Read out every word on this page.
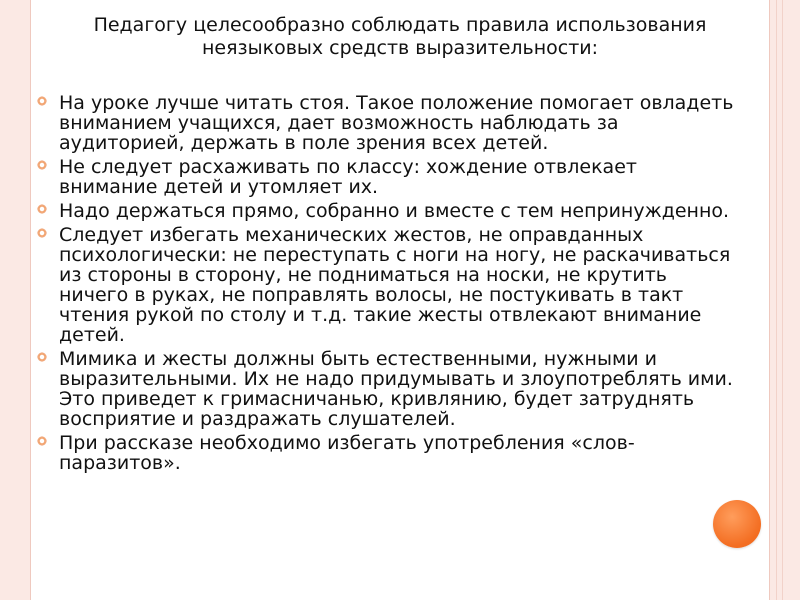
Педагогу целесообразно соблюдать правила использования
неязыковых средств выразительности:
На уроке лучше читать стоя. Такое положение помогает овладеть вниманием учащихся, дает возможность наблюдать за аудиторией, держать в поле зрения всех детей.
Не следует расхаживать по классу: хождение отвлекает внимание детей и утомляет их.
Надо держаться прямо, собранно и вместе с тем непринужденно.
Следует избегать механических жестов, не оправданных психологически: не переступать с ноги на ногу, не раскачиваться из стороны в сторону, не подниматься на носки, не крутить ничего в руках, не поправлять волосы, не постукивать в такт чтения рукой по столу и т.д. такие жесты отвлекают внимание детей.
Мимика и жесты должны быть естественными, нужными и выразительными. Их не надо придумывать и злоупотреблять ими. Это приведет к гримасничанью, кривлянию, будет затруднять восприятие и раздражать слушателей.
При рассказе необходимо избегать употребления «слов-паразитов».
